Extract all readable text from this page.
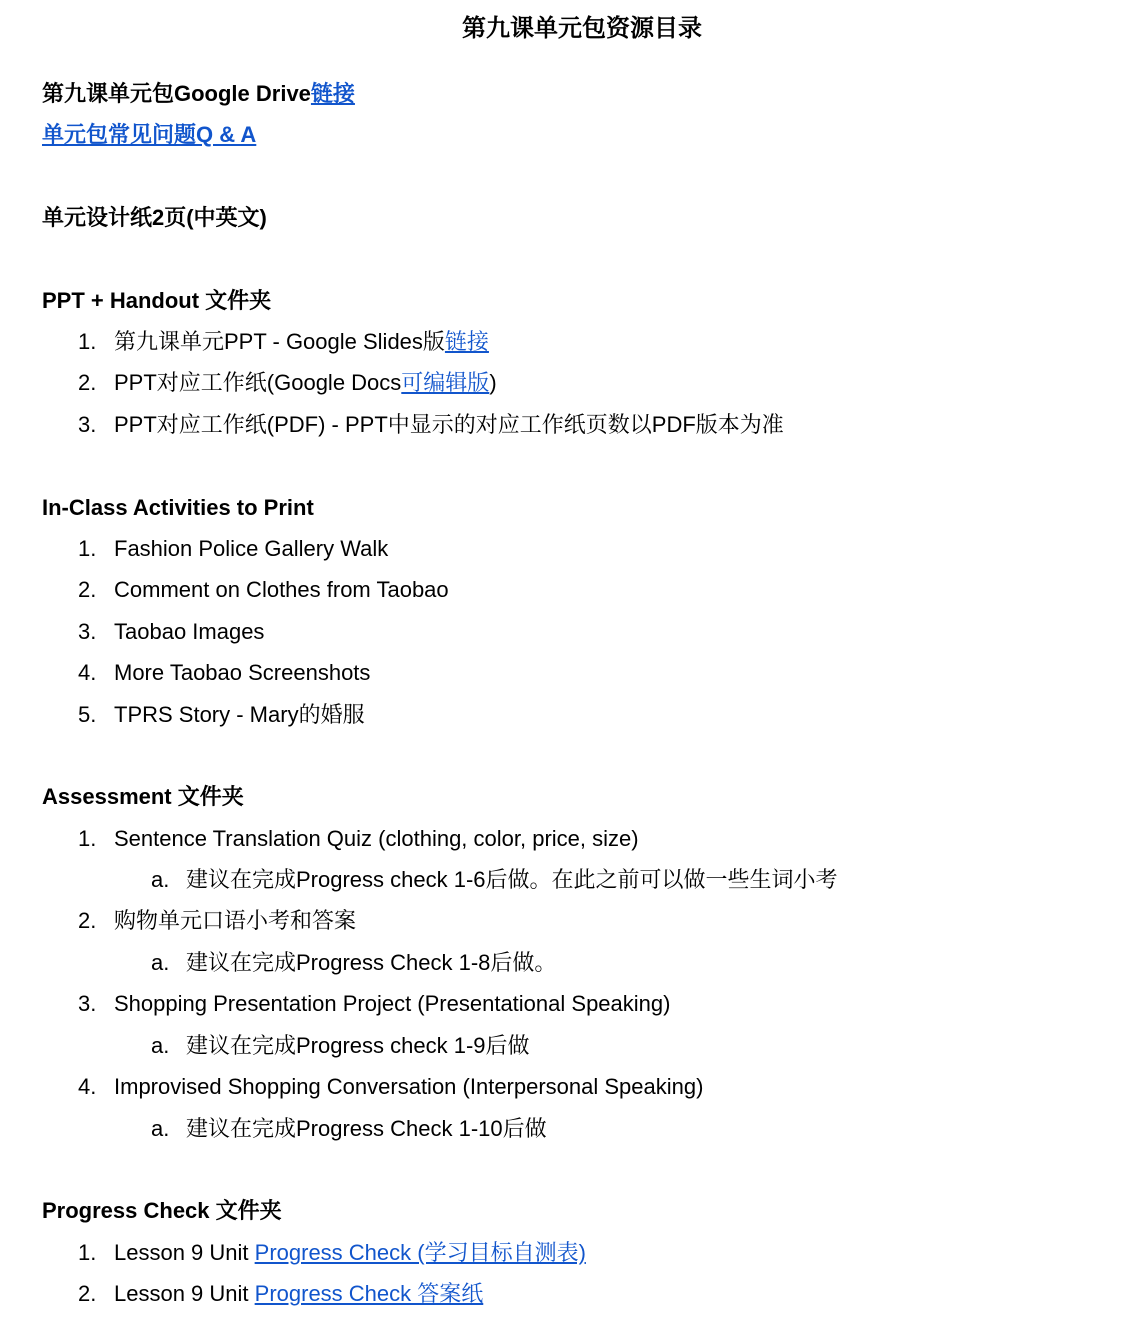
第九课单元包资源目录
第九课单元包Google Drive链接
单元包常见问题Q & A
单元设计纸2页(中英文)
PPT + Handout 文件夹
1. 第九课单元PPT - Google Slides版链接
2. PPT对应工作纸(Google Docs可编辑版)
3. PPT对应工作纸(PDF) - PPT中显示的对应工作纸页数以PDF版本为准
In-Class Activities to Print
1. Fashion Police Gallery Walk
2. Comment on Clothes from Taobao
3. Taobao Images
4. More Taobao Screenshots
5. TPRS Story - Mary的婚服
Assessment 文件夹
1. Sentence Translation Quiz (clothing, color, price, size)
a. 建议在完成Progress check 1-6后做。在此之前可以做一些生词小考
2. 购物单元口语小考和答案
a. 建议在完成Progress Check 1-8后做。
3. Shopping Presentation Project (Presentational Speaking)
a. 建议在完成Progress check 1-9后做
4. Improvised Shopping Conversation (Interpersonal Speaking)
a. 建议在完成Progress Check 1-10后做
Progress Check 文件夹
1. Lesson 9 Unit Progress Check (学习目标自测表)
2. Lesson 9 Unit Progress Check 答案纸
